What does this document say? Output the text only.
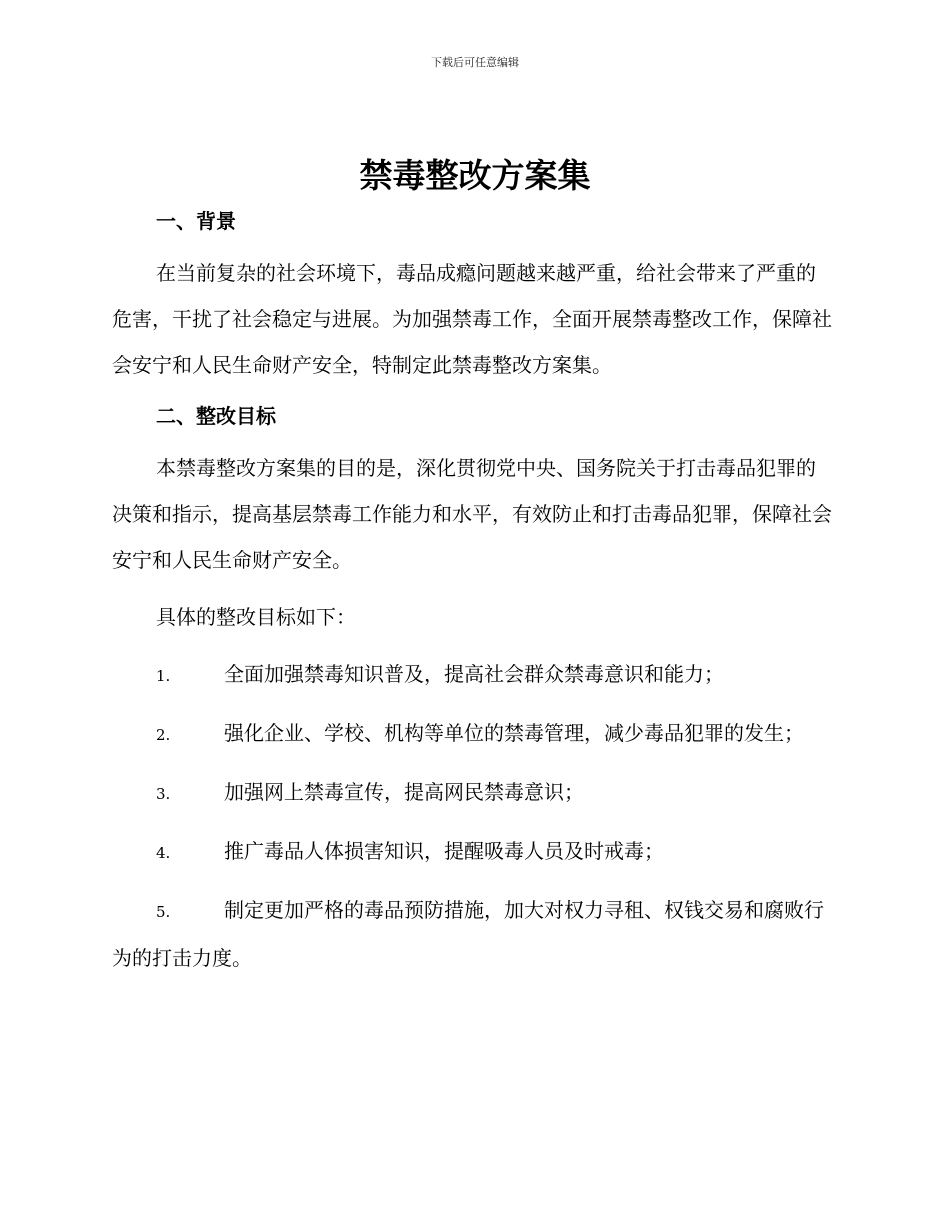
下载后可任意编辑
禁毒整改方案集
一、背景

在当前复杂的社会环境下，毒品成瘾问题越来越严重，给社会带来了严重的危害，干扰了社会稳定与进展。为加强禁毒工作，全面开展禁毒整改工作，保障社会安宁和人民生命财产安全，特制定此禁毒整改方案集。

二、整改目标

本禁毒整改方案集的目的是，深化贯彻党中央、国务院关于打击毒品犯罪的决策和指示，提高基层禁毒工作能力和水平，有效防止和打击毒品犯罪，保障社会安宁和人民生命财产安全。

具体的整改目标如下：

1.	全面加强禁毒知识普及，提高社会群众禁毒意识和能力；

2.	强化企业、学校、机构等单位的禁毒管理，减少毒品犯罪的发生；

3.	加强网上禁毒宣传，提高网民禁毒意识；

4.	推广毒品人体损害知识，提醒吸毒人员及时戒毒；

5.	制定更加严格的毒品预防措施，加大对权力寻租、权钱交易和腐败行为的打击力度。
